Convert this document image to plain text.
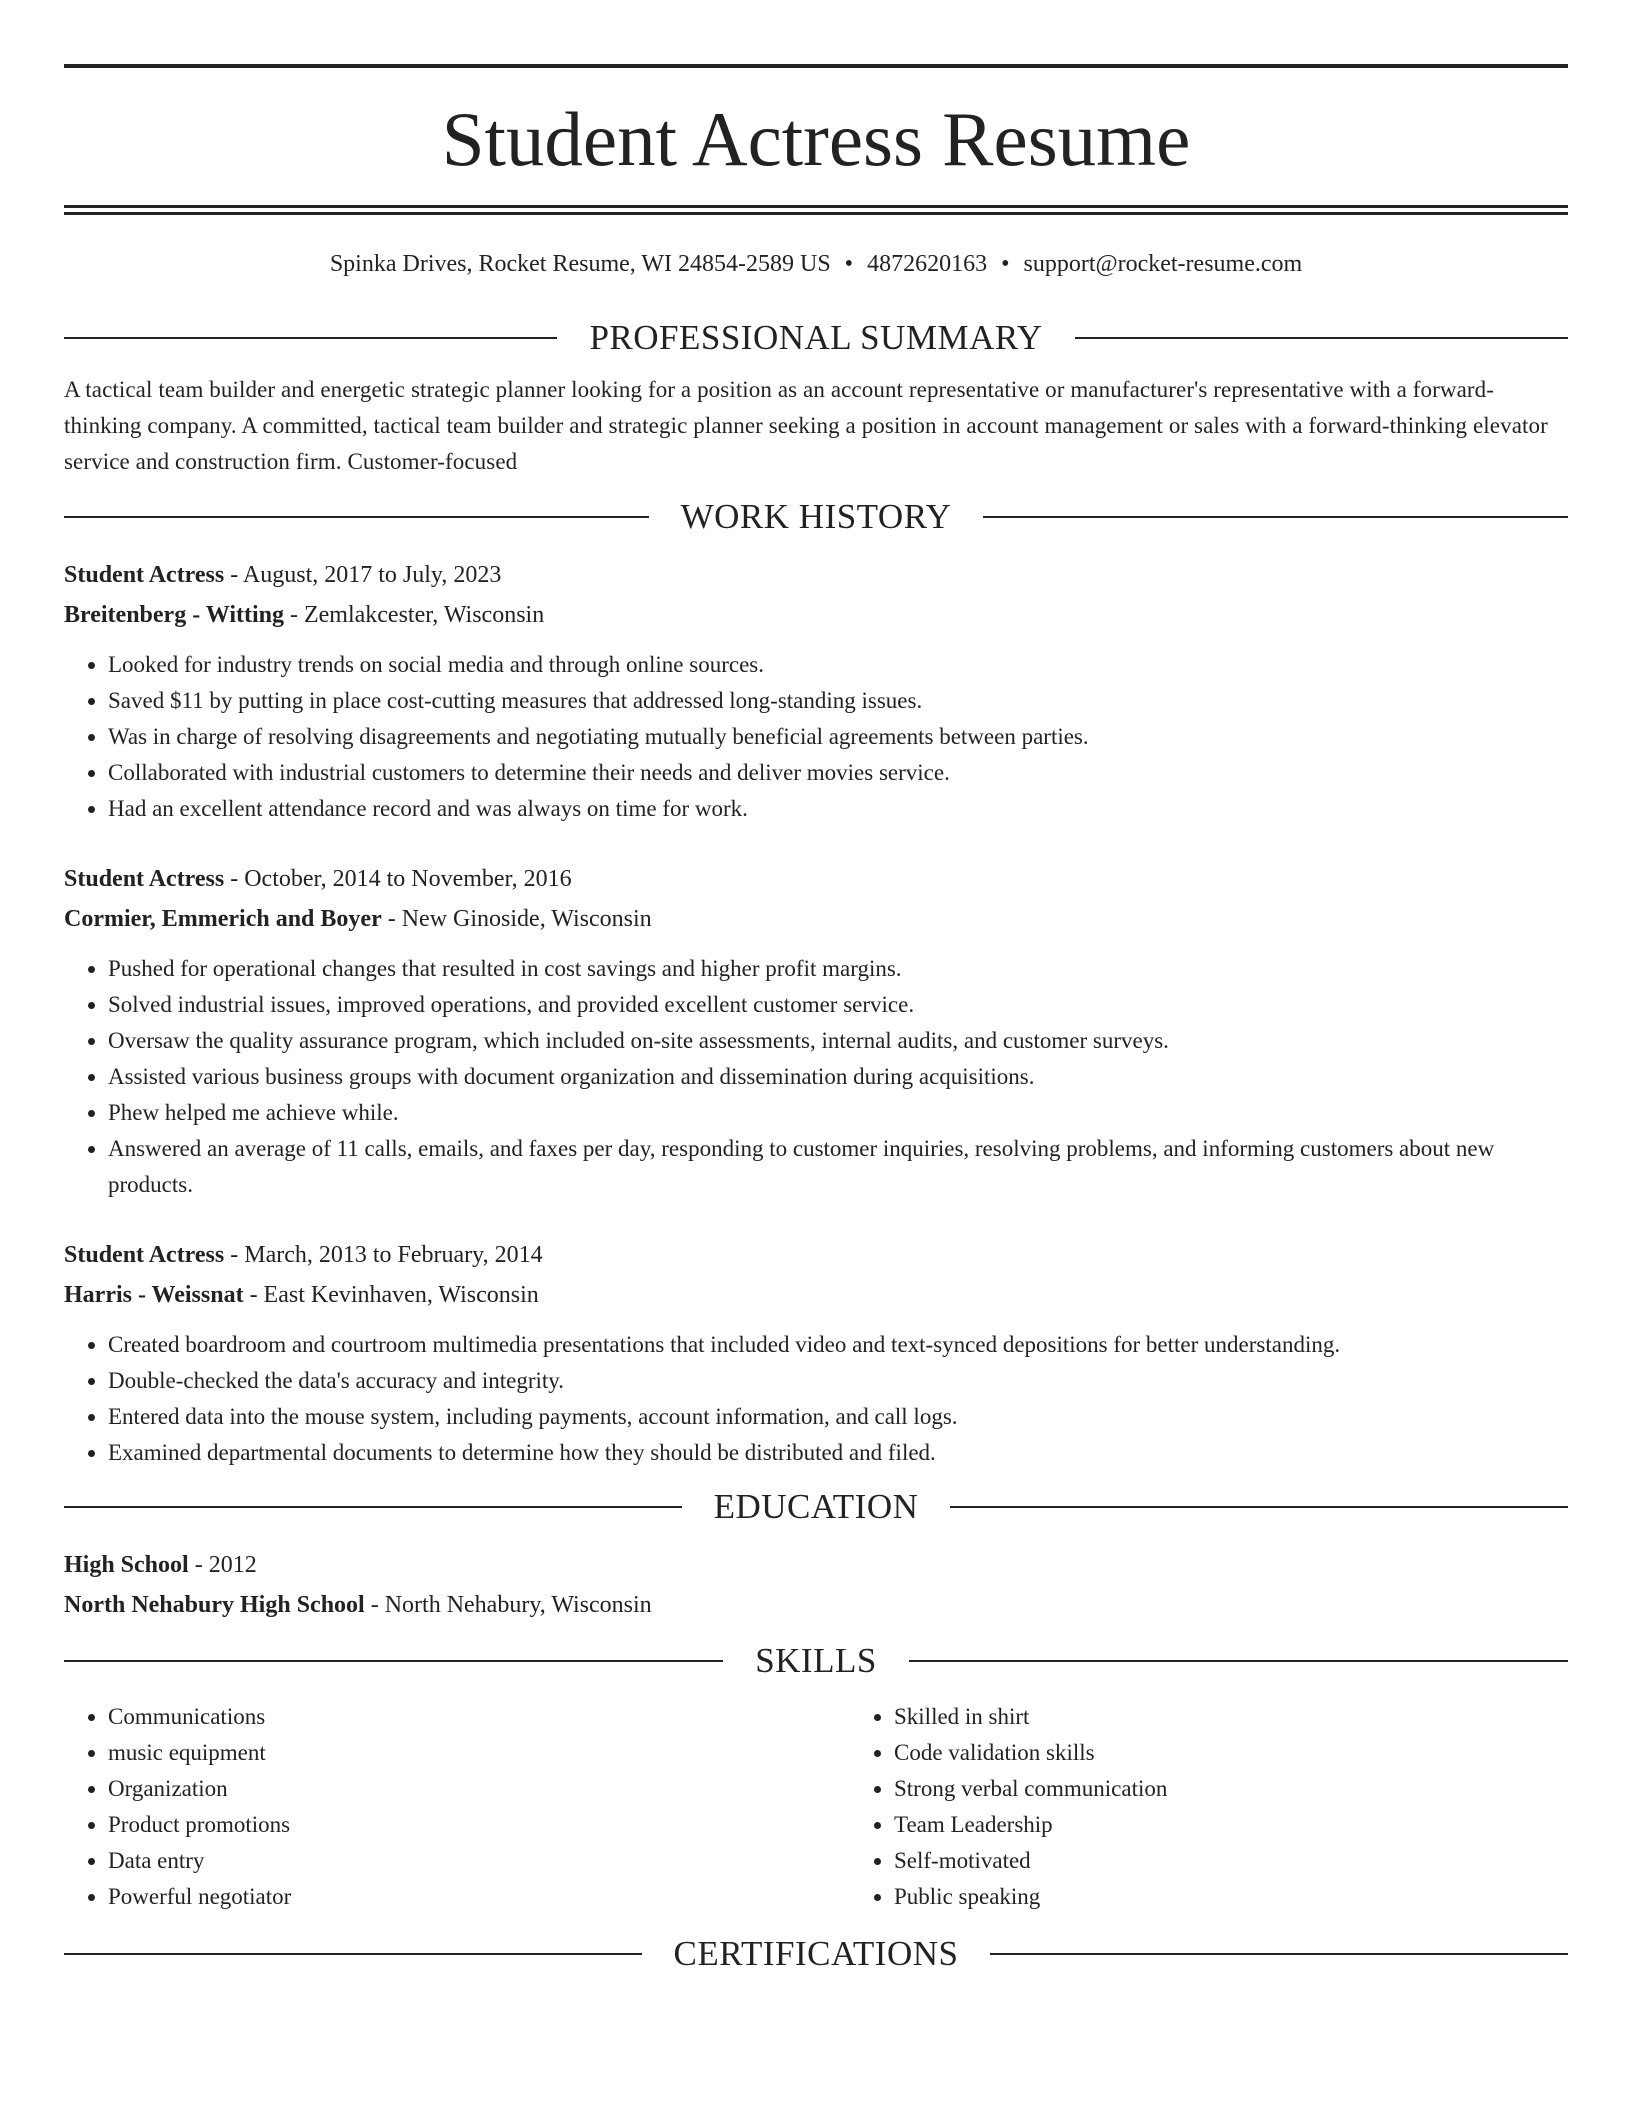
Student Actress Resume
Spinka Drives, Rocket Resume, WI 24854-2589 US • 4872620163 • support@rocket-resume.com
PROFESSIONAL SUMMARY

A tactical team builder and energetic strategic planner looking for a position as an account representative or manufacturer's representative with a forward-thinking company. A committed, tactical team builder and strategic planner seeking a position in account management or sales with a forward-thinking elevator service and construction firm. Customer-focused

WORK HISTORY
Student Actress - August, 2017 to July, 2023
Breitenberg - Witting - Zemlakcester, Wisconsin
• Looked for industry trends on social media and through online sources.
• Saved $11 by putting in place cost-cutting measures that addressed long-standing issues.
• Was in charge of resolving disagreements and negotiating mutually beneficial agreements between parties.
• Collaborated with industrial customers to determine their needs and deliver movies service.
• Had an excellent attendance record and was always on time for work.
Student Actress - October, 2014 to November, 2016
Cormier, Emmerich and Boyer - New Ginoside, Wisconsin
• Pushed for operational changes that resulted in cost savings and higher profit margins.
• Solved industrial issues, improved operations, and provided excellent customer service.
• Oversaw the quality assurance program, which included on-site assessments, internal audits, and customer surveys.
• Assisted various business groups with document organization and dissemination during acquisitions.
• Phew helped me achieve while.
• Answered an average of 11 calls, emails, and faxes per day, responding to customer inquiries, resolving problems, and informing customers about new products.
Student Actress - March, 2013 to February, 2014
Harris - Weissnat - East Kevinhaven, Wisconsin
• Created boardroom and courtroom multimedia presentations that included video and text-synced depositions for better understanding.
• Double-checked the data's accuracy and integrity.
• Entered data into the mouse system, including payments, account information, and call logs.
• Examined departmental documents to determine how they should be distributed and filed.
EDUCATION
High School - 2012
North Nehabury High School - North Nehabury, Wisconsin
SKILLS
• Communications
• music equipment
• Organization
• Product promotions
• Data entry
• Powerful negotiator
• Skilled in shirt
• Code validation skills
• Strong verbal communication
• Team Leadership
• Self-motivated
• Public speaking
CERTIFICATIONS
